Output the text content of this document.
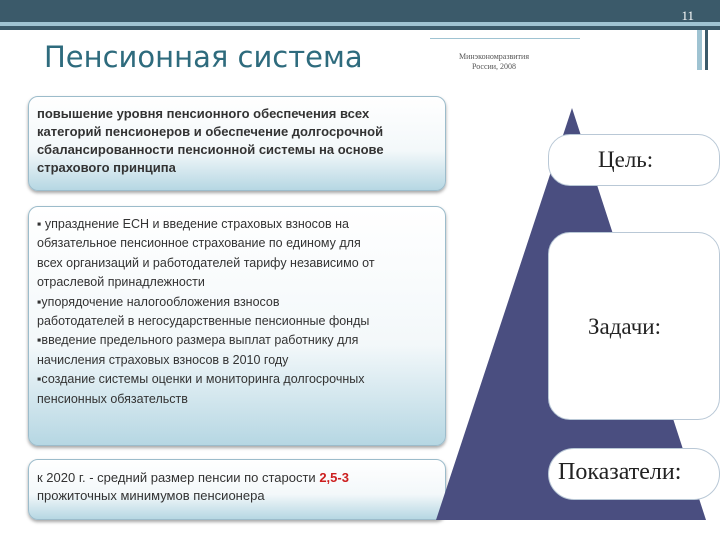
11
Пенсионная система	Минэкономразвития
России, 2008
повышение уровня пенсионного обеспечения всех
категорий пенсионеров и обеспечение долгосрочной
сбалансированности пенсионной системы на основе
страхового принципа
▪ упразднение ЕСН и введение страховых взносов на
обязательное пенсионное страхование по единому для
всех организаций и работодателей тарифу независимо от
отраслевой принадлежности
▪упорядочение налогообложения взносов
работодателей в негосударственные пенсионные фонды
▪введение предельного размера выплат работнику для
начисления страховых взносов в 2010 году
▪создание системы оценки и мониторинга долгосрочных
пенсионных обязательств
к 2020 г. - средний размер пенсии по старости 2,5-3
прожиточных минимумов пенсионера
Цель:
Задачи:
Показатели:
